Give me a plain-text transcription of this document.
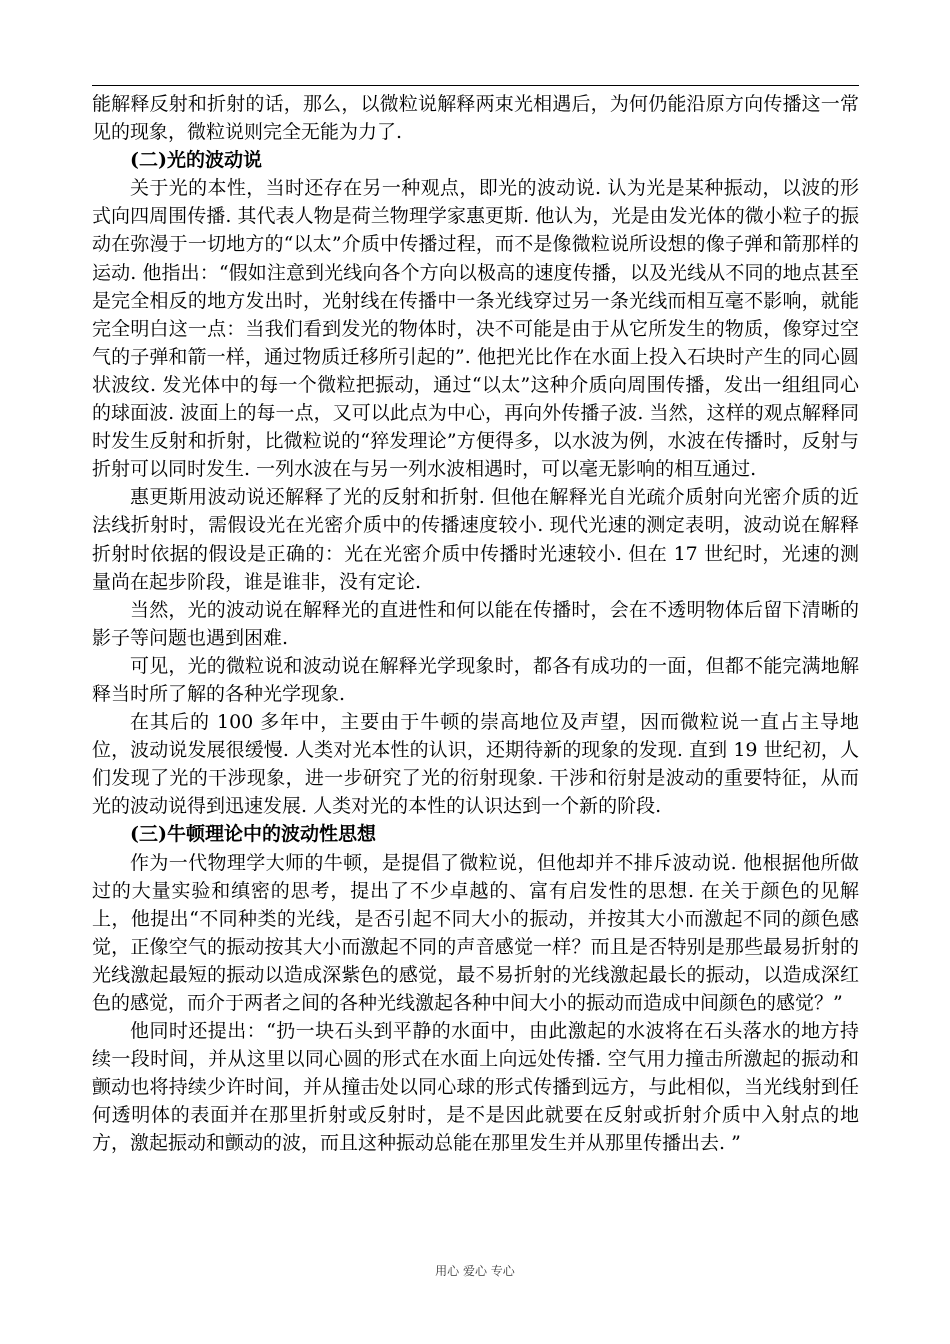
能解释反射和折射的话，那么，以微粒说解释两束光相遇后，为何仍能沿原方向传播这一常见的现象，微粒说则完全无能为力了.

(二)光的波动说

关于光的本性，当时还存在另一种观点，即光的波动说. 认为光是某种振动，以波的形式向四周围传播. 其代表人物是荷兰物理学家惠更斯. 他认为，光是由发光体的微小粒子的振动在弥漫于一切地方的“以太”介质中传播过程，而不是像微粒说所设想的像子弹和箭那样的运动. 他指出：“假如注意到光线向各个方向以极高的速度传播，以及光线从不同的地点甚至是完全相反的地方发出时，光射线在传播中一条光线穿过另一条光线而相互毫不影响，就能完全明白这一点：当我们看到发光的物体时，决不可能是由于从它所发生的物质，像穿过空气的子弹和箭一样，通过物质迁移所引起的”. 他把光比作在水面上投入石块时产生的同心圆状波纹. 发光体中的每一个微粒把振动，通过“以太”这种介质向周围传播，发出一组组同心的球面波. 波面上的每一点，又可以此点为中心，再向外传播子波. 当然，这样的观点解释同时发生反射和折射，比微粒说的“猝发理论”方便得多，以水波为例，水波在传播时，反射与折射可以同时发生. 一列水波在与另一列水波相遇时，可以毫无影响的相互通过.

惠更斯用波动说还解释了光的反射和折射. 但他在解释光自光疏介质射向光密介质的近法线折射时，需假设光在光密介质中的传播速度较小. 现代光速的测定表明，波动说在解释折射时依据的假设是正确的：光在光密介质中传播时光速较小. 但在 17 世纪时，光速的测量尚在起步阶段，谁是谁非，没有定论.

当然，光的波动说在解释光的直进性和何以能在传播时，会在不透明物体后留下清晰的影子等问题也遇到困难.

可见，光的微粒说和波动说在解释光学现象时，都各有成功的一面，但都不能完满地解释当时所了解的各种光学现象.

在其后的 100 多年中，主要由于牛顿的崇高地位及声望，因而微粒说一直占主导地位，波动说发展很缓慢. 人类对光本性的认识，还期待新的现象的发现. 直到 19 世纪初，人们发现了光的干涉现象，进一步研究了光的衍射现象. 干涉和衍射是波动的重要特征，从而光的波动说得到迅速发展. 人类对光的本性的认识达到一个新的阶段.

(三)牛顿理论中的波动性思想

作为一代物理学大师的牛顿，是提倡了微粒说，但他却并不排斥波动说. 他根据他所做过的大量实验和缜密的思考，提出了不少卓越的、富有启发性的思想. 在关于颜色的见解上，他提出“不同种类的光线，是否引起不同大小的振动，并按其大小而激起不同的颜色感觉，正像空气的振动按其大小而激起不同的声音感觉一样？而且是否特别是那些最易折射的光线激起最短的振动以造成深紫色的感觉，最不易折射的光线激起最长的振动，以造成深红色的感觉，而介于两者之间的各种光线激起各种中间大小的振动而造成中间颜色的感觉？”

他同时还提出：“扔一块石头到平静的水面中，由此激起的水波将在石头落水的地方持续一段时间，并从这里以同心圆的形式在水面上向远处传播. 空气用力撞击所激起的振动和颤动也将持续少许时间，并从撞击处以同心球的形式传播到远方，与此相似，当光线射到任何透明体的表面并在那里折射或反射时，是不是因此就要在反射或折射介质中入射点的地方，激起振动和颤动的波，而且这种振动总能在那里发生并从那里传播出去. ”

用心 爱心 专心
